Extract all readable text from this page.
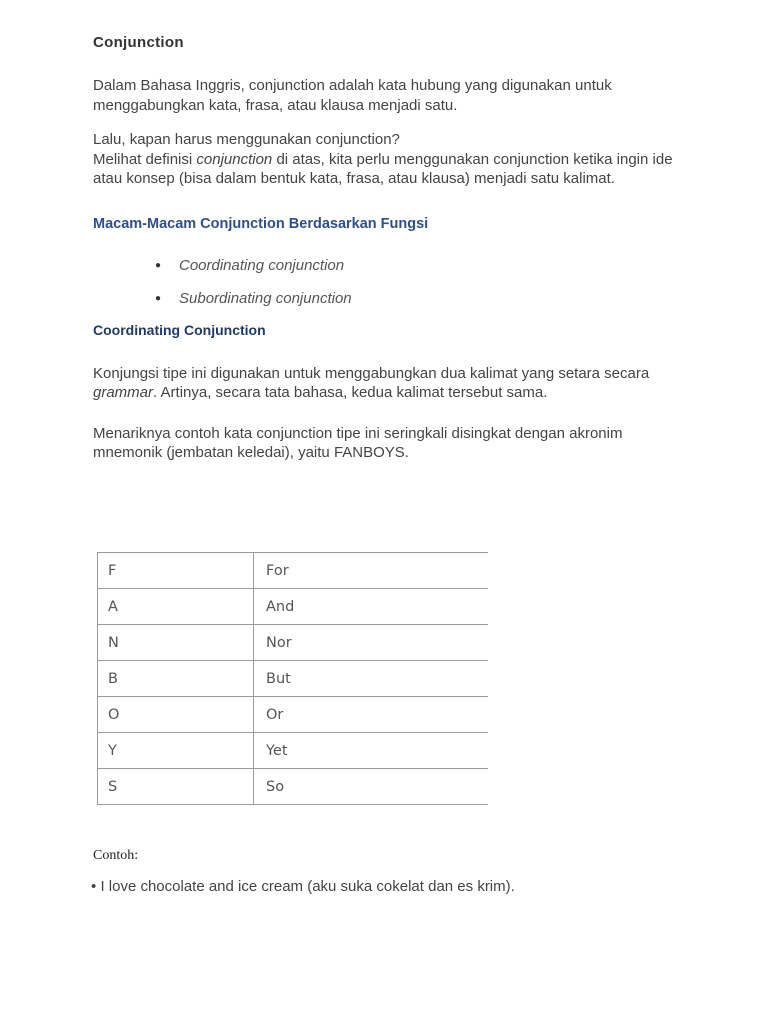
Conjunction

Dalam Bahasa Inggris, conjunction adalah kata hubung yang digunakan untuk menggabungkan kata, frasa, atau klausa menjadi satu.

Lalu, kapan harus menggunakan conjunction?
Melihat definisi conjunction di atas, kita perlu menggunakan conjunction ketika ingin ide atau konsep (bisa dalam bentuk kata, frasa, atau klausa) menjadi satu kalimat.

Macam-Macam Conjunction Berdasarkan Fungsi
● Coordinating conjunction
● Subordinating conjunction
Coordinating Conjunction

Konjungsi tipe ini digunakan untuk menggabungkan dua kalimat yang setara secara grammar. Artinya, secara tata bahasa, kedua kalimat tersebut sama.

Menariknya contoh kata conjunction tipe ini seringkali disingkat dengan akronim mnemonik (jembatan keledai), yaitu FANBOYS.

F	For
A	And
N	Nor
B	But
O	Or
Y	Yet
S	So

Contoh:

• I love chocolate and ice cream (aku suka cokelat dan es krim).
